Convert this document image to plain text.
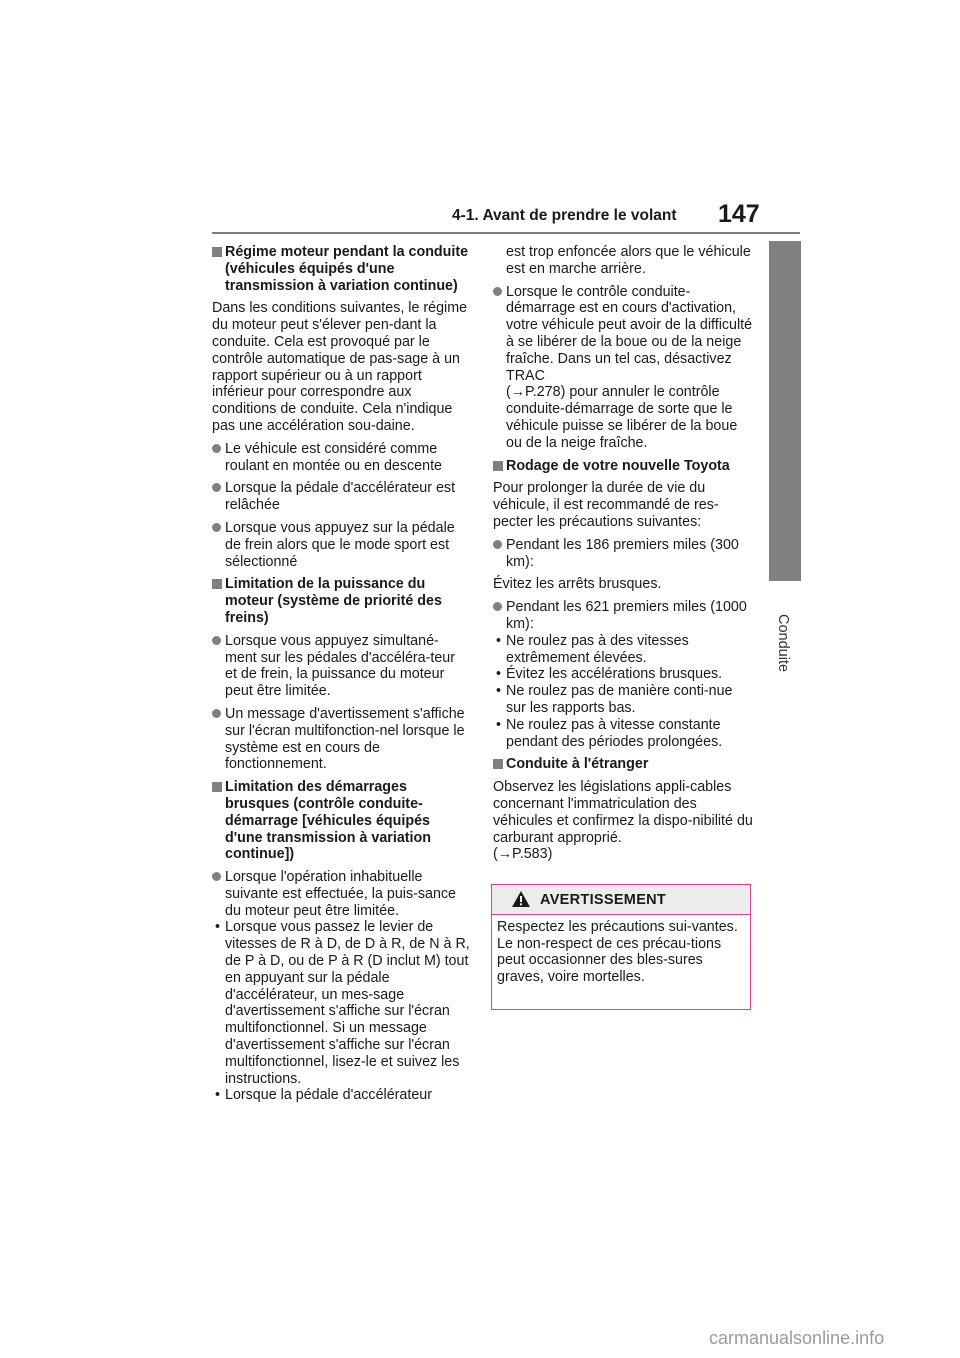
4-1. Avant de prendre le volant 147
4
Conduite
Régime moteur pendant la conduite (véhicules équipés d'une transmission à variation continue)
Dans les conditions suivantes, le régime du moteur peut s'élever pen-dant la conduite. Cela est provoqué par le contrôle automatique de pas-sage à un rapport supérieur ou à un rapport inférieur pour correspondre aux conditions de conduite. Cela n'indique pas une accélération sou-daine.
Le véhicule est considéré comme roulant en montée ou en descente
Lorsque la pédale d'accélérateur est relâchée
Lorsque vous appuyez sur la pédale de frein alors que le mode sport est sélectionné
Limitation de la puissance du moteur (système de priorité des freins)
Lorsque vous appuyez simultané-ment sur les pédales d'accéléra-teur et de frein, la puissance du moteur peut être limitée.
Un message d'avertissement s'affiche sur l'écran multifonction-nel lorsque le système est en cours de fonctionnement.
Limitation des démarrages brusques (contrôle conduite-démarrage [véhicules équipés d'une transmission à variation continue])
Lorsque l'opération inhabituelle suivante est effectuée, la puis-sance du moteur peut être limitée.
• Lorsque vous passez le levier de vitesses de R à D, de D à R, de N à R, de P à D, ou de P à R (D inclut M) tout en appuyant sur la pédale d'accélérateur, un mes-sage d'avertissement s'affiche sur l'écran multifonctionnel. Si un message d'avertissement s'affiche sur l'écran multifonctionnel, lisez-le et suivez les instructions.
• Lorsque la pédale d'accélérateur
est trop enfoncée alors que le véhicule est en marche arrière.
Lorsque le contrôle conduite-démarrage est en cours d'activation, votre véhicule peut avoir de la difficulté à se libérer de la boue ou de la neige fraîche. Dans un tel cas, désactivez TRAC
(→P.278) pour annuler le contrôle conduite-démarrage de sorte que le véhicule puisse se libérer de la boue ou de la neige fraîche.
Rodage de votre nouvelle Toyota
Pour prolonger la durée de vie du véhicule, il est recommandé de res-pecter les précautions suivantes:
Pendant les 186 premiers miles (300 km):
Évitez les arrêts brusques.
Pendant les 621 premiers miles (1000 km):
• Ne roulez pas à des vitesses extrêmement élevées.
• Évitez les accélérations brusques.
• Ne roulez pas de manière conti-nue sur les rapports bas.
• Ne roulez pas à vitesse constante pendant des périodes prolongées.
Conduite à l'étranger
Observez les législations appli-cables concernant l'immatriculation des véhicules et confirmez la dispo-nibilité du carburant approprié.
(→P.583)
AVERTISSEMENT
Respectez les précautions sui-vantes.
Le non-respect de ces précau-tions peut occasionner des bles-sures graves, voire mortelles.
carmanualsonline.info
